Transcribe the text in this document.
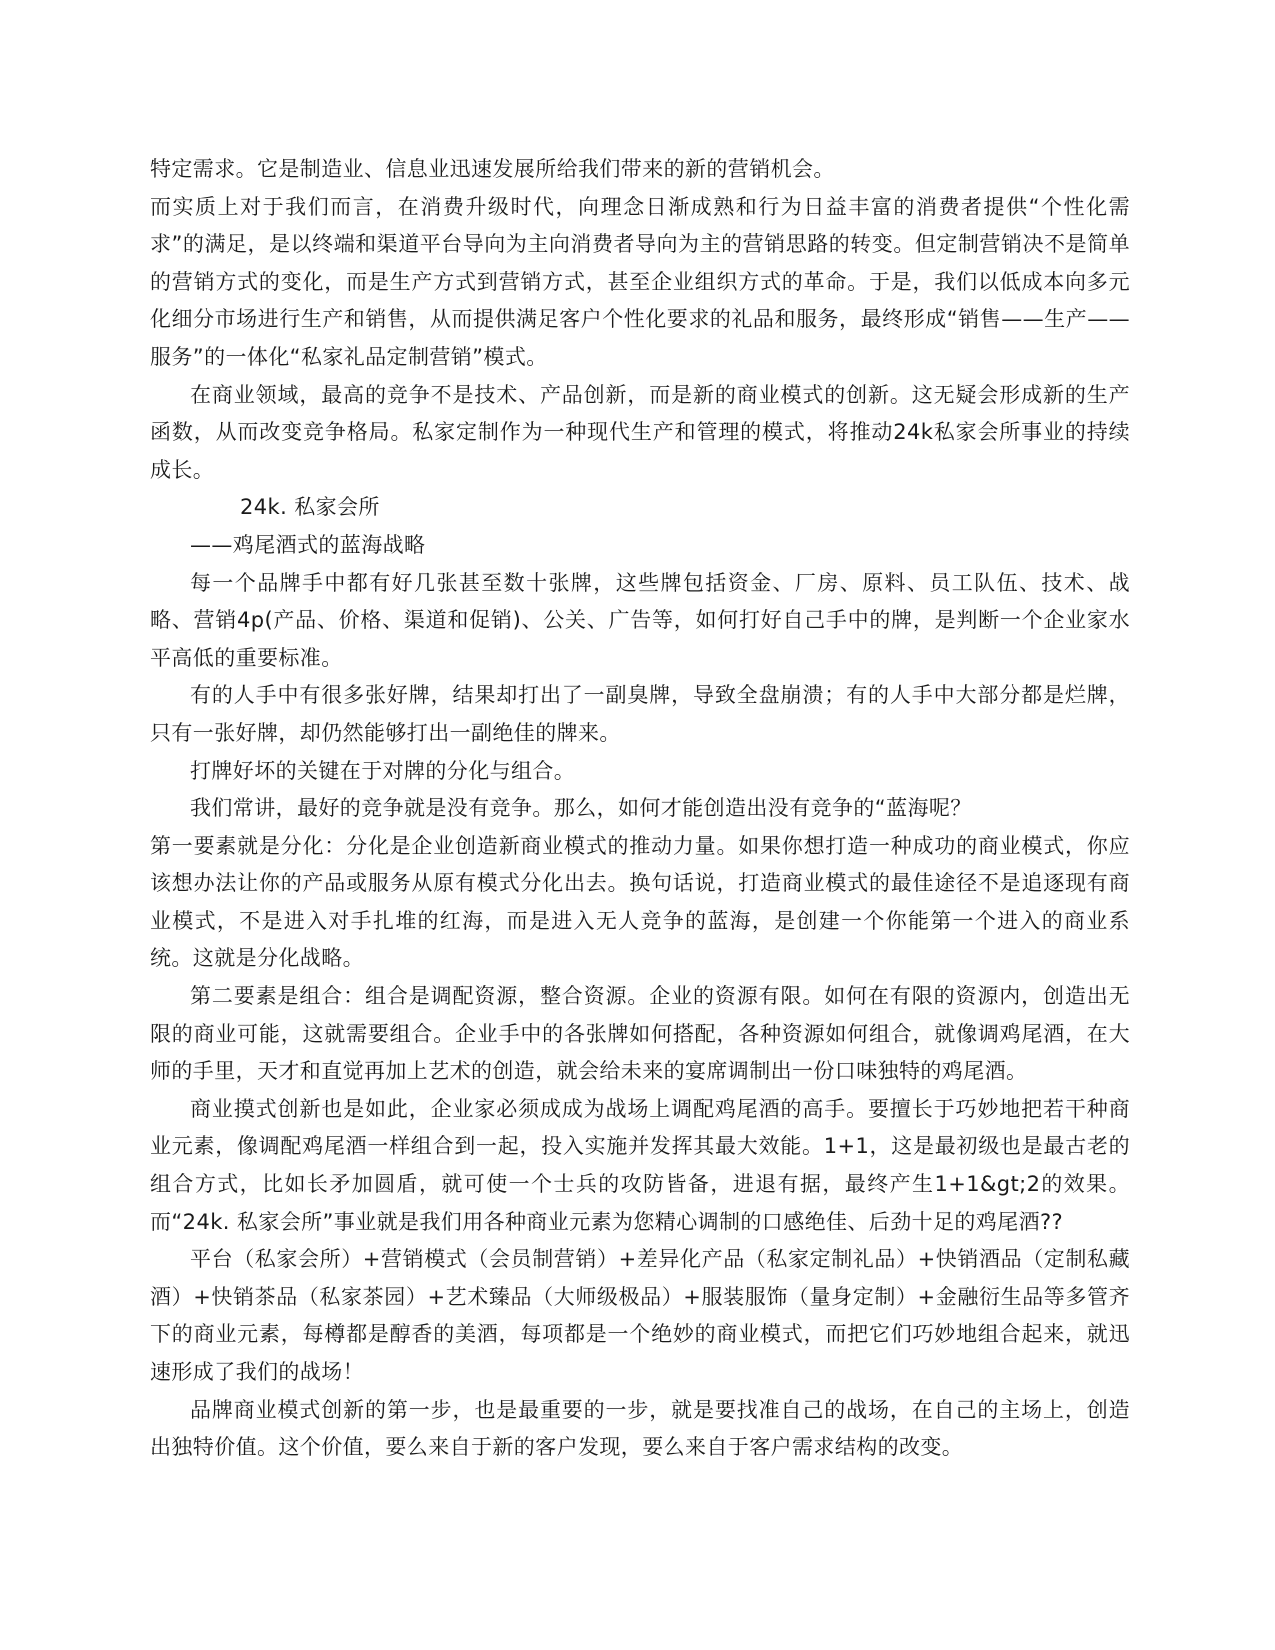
特定需求。它是制造业、信息业迅速发展所给我们带来的新的营销机会。

而实质上对于我们而言，在消费升级时代，向理念日渐成熟和行为日益丰富的消费者提供“个性化需求”的满足，是以终端和渠道平台导向为主向消费者导向为主的营销思路的转变。但定制营销决不是简单的营销方式的变化，而是生产方式到营销方式，甚至企业组织方式的革命。于是，我们以低成本向多元化细分市场进行生产和销售，从而提供满足客户个性化要求的礼品和服务，最终形成“销售——生产——服务”的一体化“私家礼品定制营销”模式。

在商业领域，最高的竞争不是技术、产品创新，而是新的商业模式的创新。这无疑会形成新的生产函数，从而改变竞争格局。私家定制作为一种现代生产和管理的模式，将推动24k私家会所事业的持续成长。

24k. 私家会所

——鸡尾酒式的蓝海战略

每一个品牌手中都有好几张甚至数十张牌，这些牌包括资金、厂房、原料、员工队伍、技术、战略、营销4p(产品、价格、渠道和促销)、公关、广告等，如何打好自己手中的牌，是判断一个企业家水平高低的重要标准。

有的人手中有很多张好牌，结果却打出了一副臭牌，导致全盘崩溃；有的人手中大部分都是烂牌，只有一张好牌，却仍然能够打出一副绝佳的牌来。

打牌好坏的关键在于对牌的分化与组合。

我们常讲，最好的竞争就是没有竞争。那么，如何才能创造出没有竞争的“蓝海呢？

第一要素就是分化：分化是企业创造新商业模式的推动力量。如果你想打造一种成功的商业模式，你应该想办法让你的产品或服务从原有模式分化出去。换句话说，打造商业模式的最佳途径不是追逐现有商业模式，不是进入对手扎堆的红海，而是进入无人竞争的蓝海，是创建一个你能第一个进入的商业系统。这就是分化战略。

第二要素是组合：组合是调配资源，整合资源。企业的资源有限。如何在有限的资源内，创造出无限的商业可能，这就需要组合。企业手中的各张牌如何搭配，各种资源如何组合，就像调鸡尾酒，在大师的手里，天才和直觉再加上艺术的创造，就会给未来的宴席调制出一份口味独特的鸡尾酒。

商业摸式创新也是如此，企业家必须成成为战场上调配鸡尾酒的高手。要擅长于巧妙地把若干种商业元素，像调配鸡尾酒一样组合到一起，投入实施并发挥其最大效能。1+1，这是最初级也是最古老的组合方式，比如长矛加圆盾，就可使一个士兵的攻防皆备，进退有据，最终产生1+1&gt;2的效果。而“24k. 私家会所”事业就是我们用各种商业元素为您精心调制的口感绝佳、后劲十足的鸡尾酒??

平台（私家会所）+营销模式（会员制营销）+差异化产品（私家定制礼品）+快销酒品（定制私藏酒）+快销茶品（私家茶园）+艺术臻品（大师级极品）+服装服饰（量身定制）+金融衍生品等多管齐下的商业元素，每樽都是醇香的美酒，每项都是一个绝妙的商业模式，而把它们巧妙地组合起来，就迅速形成了我们的战场！

品牌商业模式创新的第一步，也是最重要的一步，就是要找准自己的战场，在自己的主场上，创造出独特价值。这个价值，要么来自于新的客户发现，要么来自于客户需求结构的改变。
